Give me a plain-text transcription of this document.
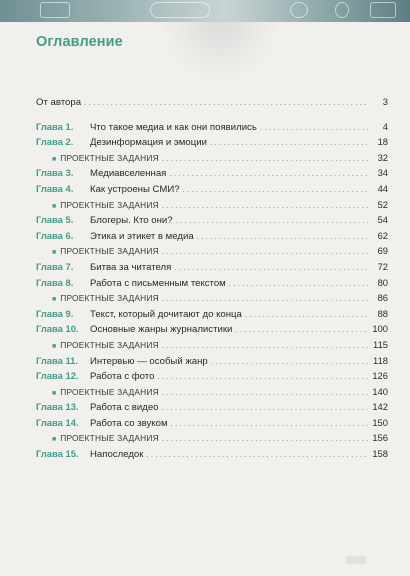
Оглавление
От автора . . .	3
Глава 1.	Что такое медиа и как они появились . . .	4
Глава 2.	Дезинформация и эмоции . . .	18
■ ПРОЕКТНЫЕ ЗАДАНИЯ . . .	32
Глава 3.	Медиавселенная . . .	34
Глава 4.	Как устроены СМИ? . . .	44
■ ПРОЕКТНЫЕ ЗАДАНИЯ . . .	52
Глава 5.	Блогеры. Кто они? . . .	54
Глава 6.	Этика и этикет в медиа . . .	62
■ ПРОЕКТНЫЕ ЗАДАНИЯ . . .	69
Глава 7.	Битва за читателя . . .	72
Глава 8.	Работа с письменным текстом . . .	80
■ ПРОЕКТНЫЕ ЗАДАНИЯ . . .	86
Глава 9.	Текст, который дочитают до конца . . .	88
Глава 10.	Основные жанры журналистики . . .	100
■ ПРОЕКТНЫЕ ЗАДАНИЯ . . .	115
Глава 11.	Интервью — особый жанр . . .	118
Глава 12.	Работа с фото . . .	126
■ ПРОЕКТНЫЕ ЗАДАНИЯ . . .	140
Глава 13.	Работа с видео . . .	142
Глава 14.	Работа со звуком . . .	150
■ ПРОЕКТНЫЕ ЗАДАНИЯ . . .	156
Глава 15.	Напоследок . . .	158
